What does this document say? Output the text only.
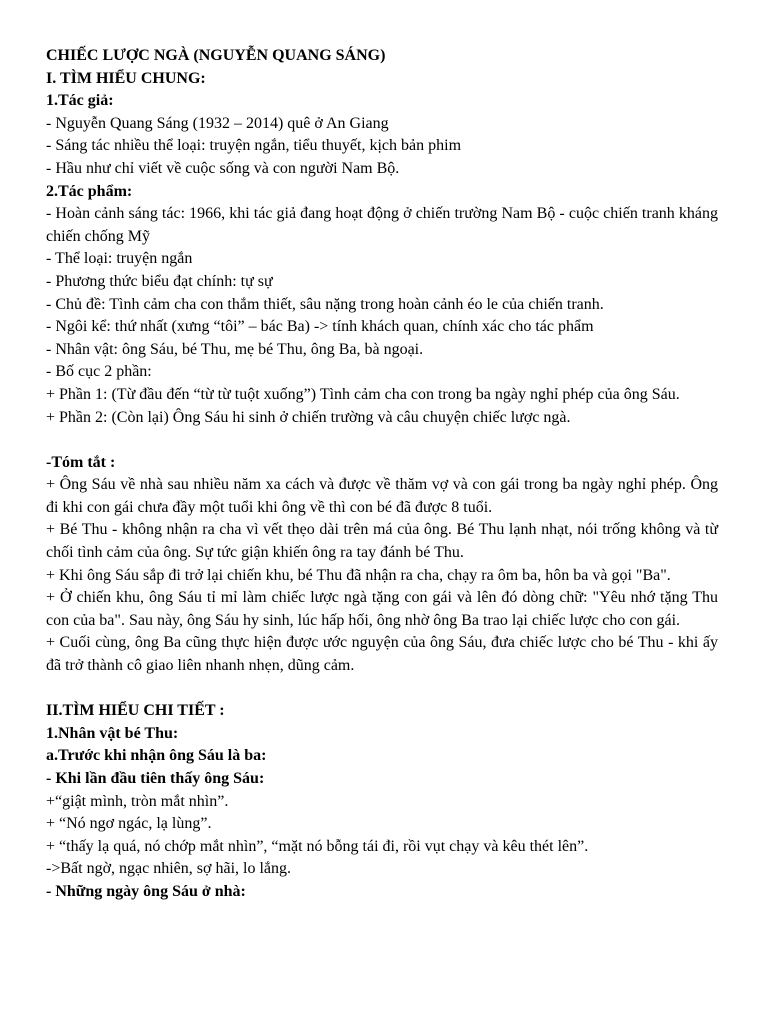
CHIẾC LƯỢC NGÀ (NGUYỄN QUANG SÁNG)

I. TÌM HIỂU CHUNG:

1.Tác giả:

- Nguyễn Quang Sáng (1932 – 2014) quê ở An Giang

- Sáng tác nhiều thể loại: truyện ngắn, tiểu thuyết, kịch bản phim

- Hầu như chỉ viết về cuộc sống và con người Nam Bộ.

2.Tác phẩm:

- Hoàn cảnh sáng tác: 1966, khi tác giả đang hoạt động ở chiến trường Nam Bộ - cuộc chiến tranh kháng chiến chống Mỹ

- Thể loại: truyện ngắn

- Phương thức biểu đạt chính: tự sự

- Chủ đề: Tình cảm cha con thắm thiết, sâu nặng trong hoàn cảnh éo le của chiến tranh.

- Ngôi kể: thứ nhất (xưng “tôi” – bác Ba) -> tính khách quan, chính xác cho tác phẩm

- Nhân vật: ông Sáu, bé Thu, mẹ bé Thu, ông Ba, bà ngoại.

- Bố cục 2 phần:

+ Phần 1: (Từ đầu đến “từ từ tuột xuống”) Tình cảm cha con trong ba ngày nghỉ phép của ông Sáu.

+ Phần 2: (Còn lại) Ông Sáu hi sinh ở chiến trường và câu chuyện chiếc lược ngà.

-Tóm tắt :

+ Ông Sáu về nhà sau nhiều năm xa cách và được về thăm vợ và con gái trong ba ngày nghỉ phép. Ông đi khi con gái chưa đầy một tuổi khi ông về thì con bé đã được 8 tuổi.

+ Bé Thu - không nhận ra cha vì vết thẹo dài trên má của ông. Bé Thu lạnh nhạt, nói trống không và từ chối tình cảm của ông. Sự tức giận khiến ông ra tay đánh bé Thu.

+ Khi ông Sáu sắp đi trở lại chiến khu, bé Thu đã nhận ra cha, chạy ra ôm ba, hôn ba và gọi "Ba".

+ Ở chiến khu, ông Sáu tỉ mỉ làm chiếc lược ngà tặng con gái và lên đó dòng chữ: "Yêu nhớ tặng Thu con của ba". Sau này, ông Sáu hy sinh, lúc hấp hối, ông nhờ ông Ba trao lại chiếc lược cho con gái.

+ Cuối cùng, ông Ba cũng thực hiện được ước nguyện của ông Sáu, đưa chiếc lược cho bé Thu - khi ấy đã trở thành cô giao liên nhanh nhẹn, dũng cảm.

II.TÌM HIỂU CHI TIẾT :

1.Nhân vật bé Thu:

a.Trước khi nhận ông Sáu là ba:

- Khi lần đầu tiên thấy ông Sáu:

+“giật mình, tròn mắt nhìn”.

+ “Nó ngơ ngác, lạ lùng”.

+ “thấy lạ quá, nó chớp mắt nhìn”, “mặt nó bỗng tái đi, rồi vụt chạy và kêu thét lên”.

->Bất ngờ, ngạc nhiên, sợ hãi, lo lắng.

- Những ngày ông Sáu ở nhà:
